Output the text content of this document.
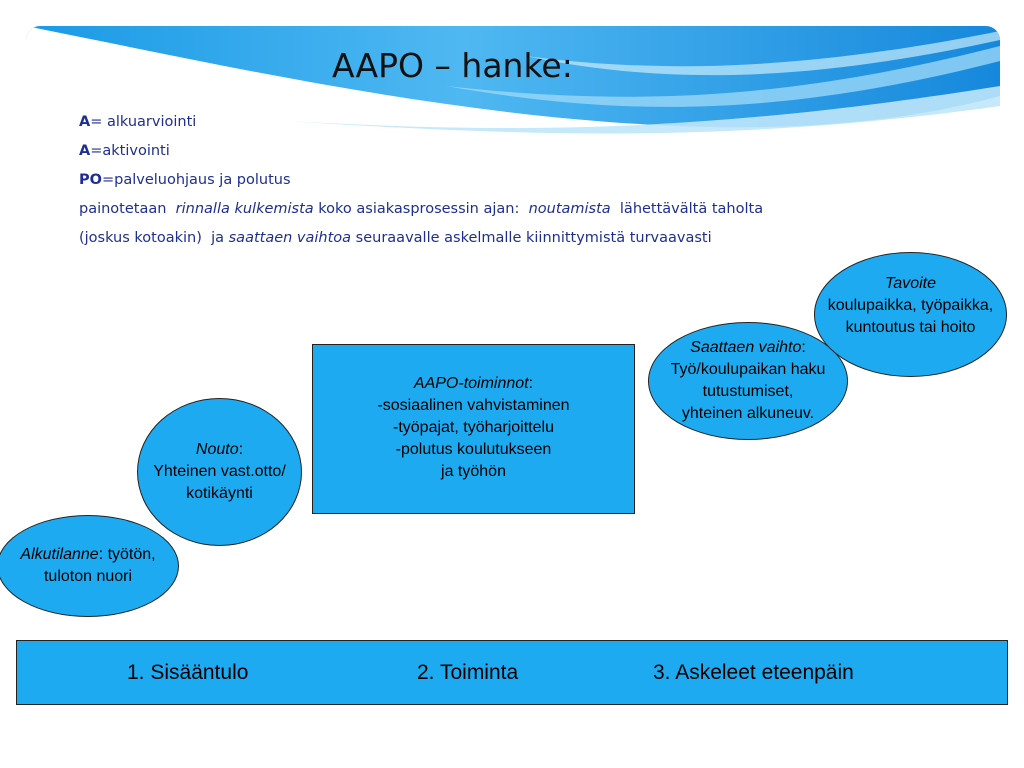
AAPO – hanke:
A= alkuarviointi
A=aktivointi
PO=palveluohjaus ja polutus
painotetaan  rinnalla kulkemista koko asiakasprosessin ajan:  noutamista  lähettävältä taholta
(joskus kotoakin)  ja saattaen vaihtoa seuraavalle askelmalle kiinnittymistä turvaavasti
Alkutilanne: työtön,
tuloton nuori
Nouto:
Yhteinen vast.otto/
kotikäynti
AAPO-toiminnot:
-sosiaalinen vahvistaminen
-työpajat, työharjoittelu
-polutus koulutukseen
ja työhön
Saattaen vaihto:
Työ/koulupaikan haku
tutustumiset,
yhteinen alkuneuv.
Tavoite
koulupaikka, työpaikka,
kuntoutus tai hoito
1. Sisääntulo	2. Toiminta	3. Askeleet eteenpäin
